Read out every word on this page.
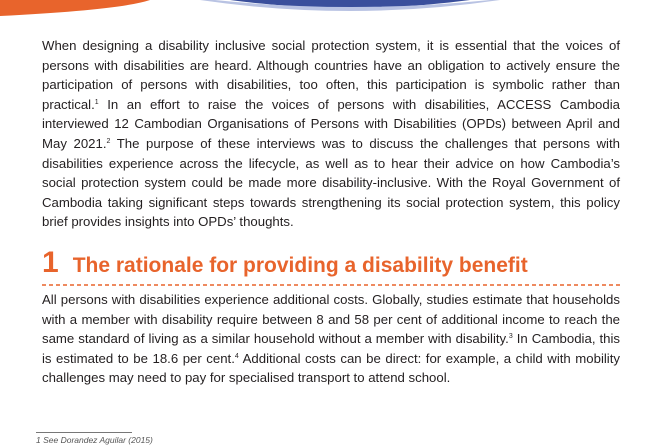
When designing a disability inclusive social protection system, it is essential that the voices of persons with disabilities are heard. Although countries have an obligation to actively ensure the participation of persons with disabilities, too often, this participation is symbolic rather than practical.$^1$ In an effort to raise the voices of persons with disabilities, ACCESS Cambodia interviewed 12 Cambodian Organisations of Persons with Disabilities (OPDs) between April and May 2021.$^2$ The purpose of these interviews was to discuss the challenges that persons with disabilities experience across the lifecycle, as well as to hear their advice on how Cambodia’s social protection system could be made more disability-inclusive. With the Royal Government of Cambodia taking significant steps towards strengthening its social protection system, this policy brief provides insights into OPDs’ thoughts.

1 The rationale for providing a disability benefit

All persons with disabilities experience additional costs. Globally, studies estimate that households with a member with disability require between 8 and 58 per cent of additional income to reach the same standard of living as a similar household without a member with disability.$^3$ In Cambodia, this is estimated to be 18.6 per cent.$^4$ Additional costs can be direct: for example, a child with mobility challenges may need to pay for specialised transport to attend school.

1 See Dorandez Aguilar (2015)
